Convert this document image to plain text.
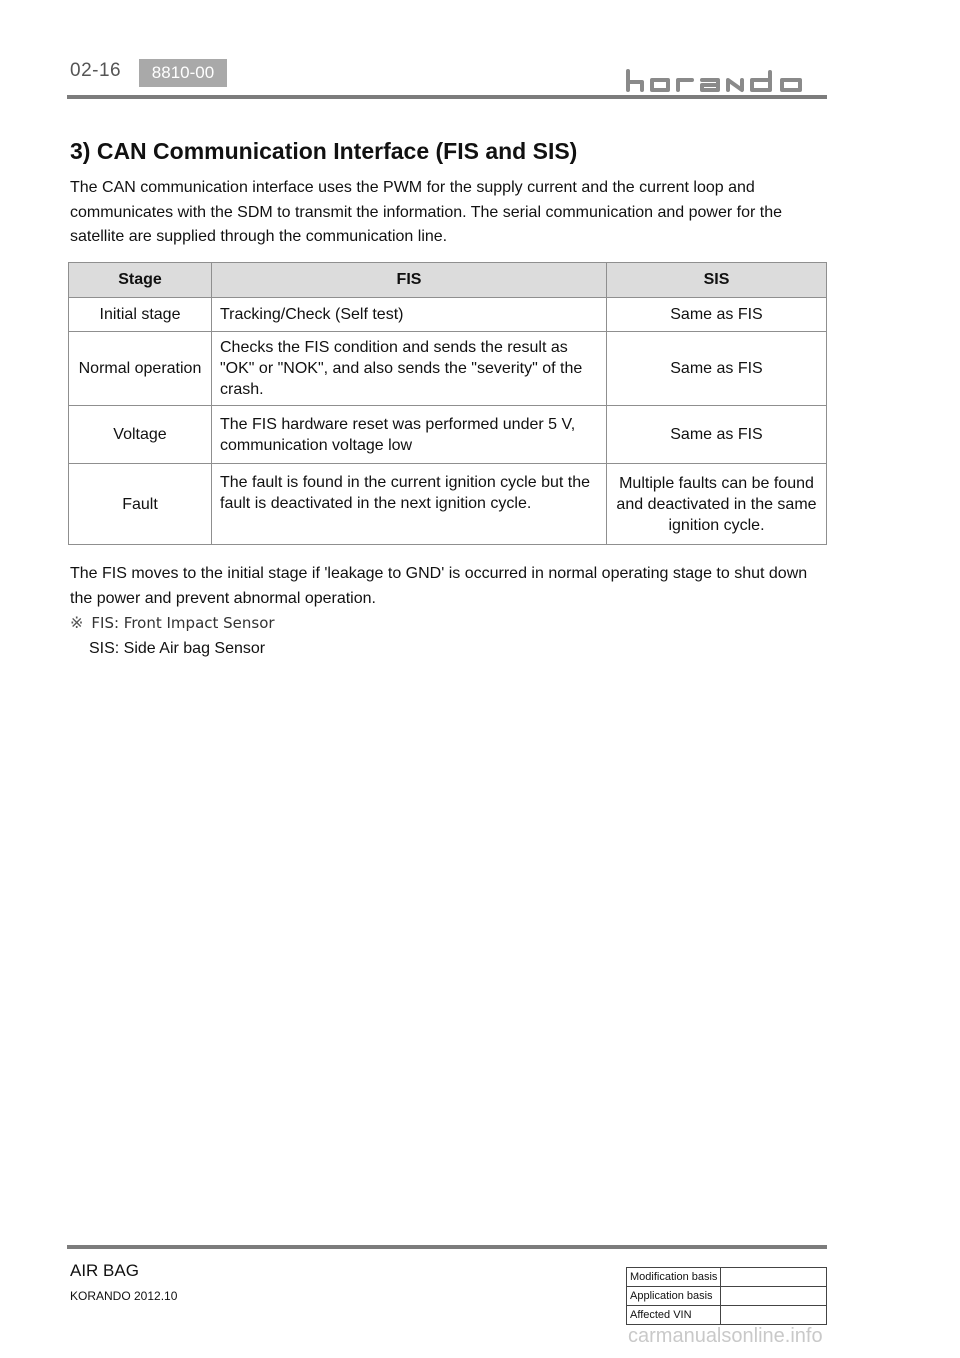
02-16	8810-00
3) CAN Communication Interface (FIS and SIS)
The CAN communication interface uses the PWM for the supply current and the current loop and communicates with the SDM to transmit the information. The serial communication and power for the satellite are supplied through the communication line.
Stage	FIS	SIS
Initial stage	Tracking/Check (Self test)	Same as FIS
Normal operation	Checks the FIS condition and sends the result as "OK" or "NOK", and also sends the "severity" of the crash.	Same as FIS
Voltage	The FIS hardware reset was performed under 5 V, communication voltage low	Same as FIS
Fault	The fault is found in the current ignition cycle but the fault is deactivated in the next ignition cycle.	Multiple faults can be found and deactivated in the same ignition cycle.
The FIS moves to the initial stage if 'leakage to GND' is occurred in normal operating stage to shut down the power and prevent abnormal operation.
※ FIS: Front Impact Sensor
SIS: Side Air bag Sensor
AIR BAG
KORANDO 2012.10
Modification basis	
Application basis	
Affected VIN	
carmanualsonline.info
